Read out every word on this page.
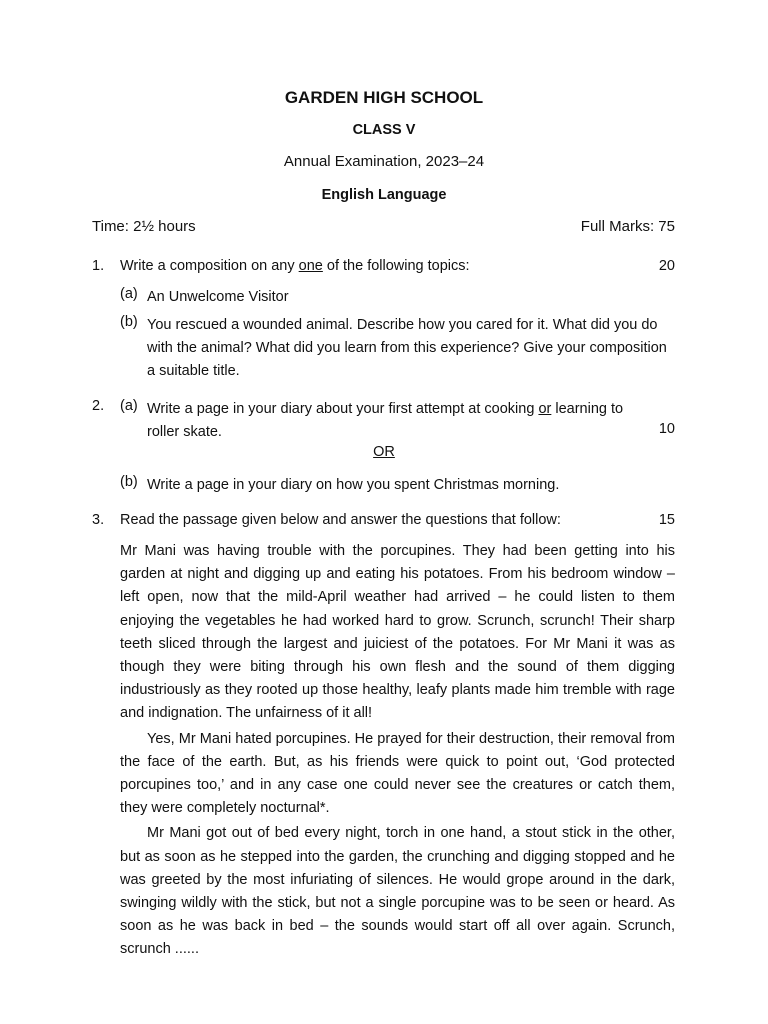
GARDEN HIGH SCHOOL
CLASS V
Annual Examination, 2023–24
English Language
Time: 2½ hours	Full Marks: 75
1. Write a composition on any one of the following topics:	20
(a) An Unwelcome Visitor
(b) You rescued a wounded animal. Describe how you cared for it. What did you do with the animal? What did you learn from this experience? Give your composition a suitable title.
2. (a) Write a page in your diary about your first attempt at cooking or learning to roller skate.	10
OR
(b) Write a page in your diary on how you spent Christmas morning.
3. Read the passage given below and answer the questions that follow:	15

Mr Mani was having trouble with the porcupines. They had been getting into his garden at night and digging up and eating his potatoes. From his bedroom window – left open, now that the mild-April weather had arrived – he could listen to them enjoying the vegetables he had worked hard to grow. Scrunch, scrunch! Their sharp teeth sliced through the largest and juiciest of the potatoes. For Mr Mani it was as though they were biting through his own flesh and the sound of them digging industriously as they rooted up those healthy, leafy plants made him tremble with rage and indignation. The unfairness of it all!

Yes, Mr Mani hated porcupines. He prayed for their destruction, their removal from the face of the earth. But, as his friends were quick to point out, ‘God protected porcupines too,’ and in any case one could never see the creatures or catch them, they were completely nocturnal*.

Mr Mani got out of bed every night, torch in one hand, a stout stick in the other, but as soon as he stepped into the garden, the crunching and digging stopped and he was greeted by the most infuriating of silences. He would grope around in the dark, swinging wildly with the stick, but not a single porcupine was to be seen or heard. As soon as he was back in bed – the sounds would start off all over again. Scrunch, scrunch ......
